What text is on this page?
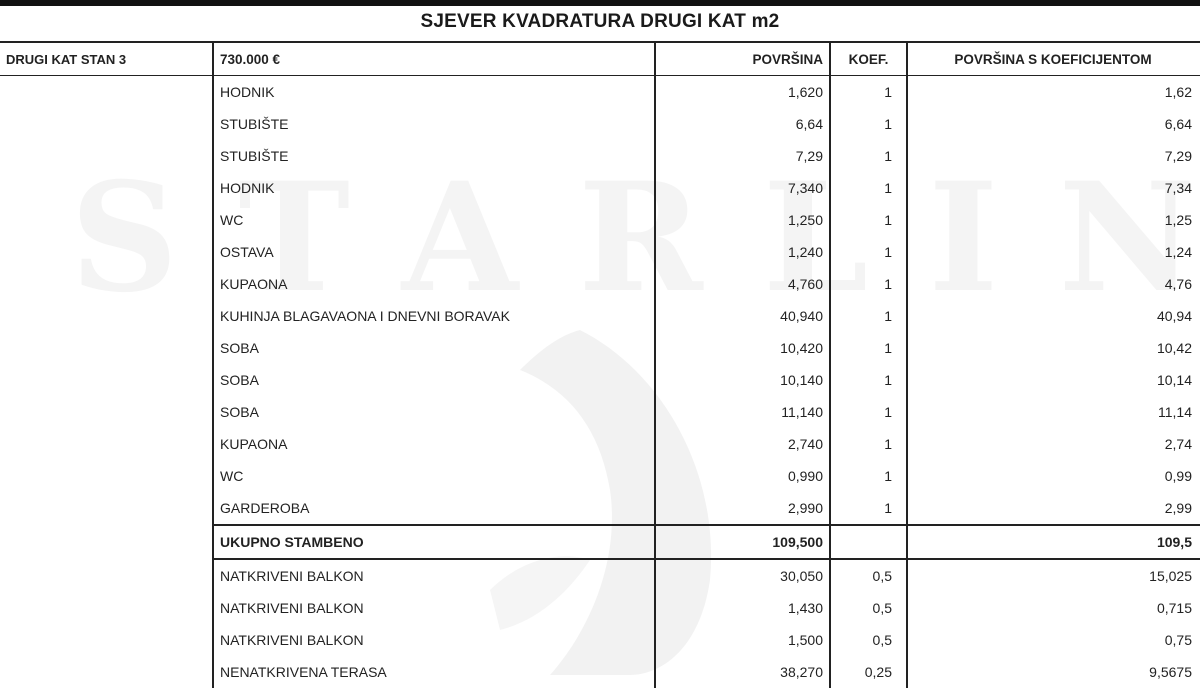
SJEVER KVADRATURA DRUGI KAT m2
DRUGI KAT STAN 3	730.000 €	POVRŠINA	KOEF.	POVRŠINA S KOEFICIJENTOM
	HODNIK	1,620	1	1,62
	STUBIŠTE	6,64	1	6,64
	STUBIŠTE	7,29	1	7,29
	HODNIK	7,340	1	7,34
	WC	1,250	1	1,25
	OSTAVA	1,240	1	1,24
	KUPAONA	4,760	1	4,76
	KUHINJA BLAGAVAONA I DNEVNI BORAVAK	40,940	1	40,94
	SOBA	10,420	1	10,42
	SOBA	10,140	1	10,14
	SOBA	11,140	1	11,14
	KUPAONA	2,740	1	2,74
	WC	0,990	1	0,99
	GARDEROBA	2,990	1	2,99
	UKUPNO STAMBENO	109,500		109,5
	NATKRIVENI BALKON	30,050	0,5	15,025
	NATKRIVENI BALKON	1,430	0,5	0,715
	NATKRIVENI BALKON	1,500	0,5	0,75
	NENATKRIVENA TERASA	38,270	0,25	9,5675
